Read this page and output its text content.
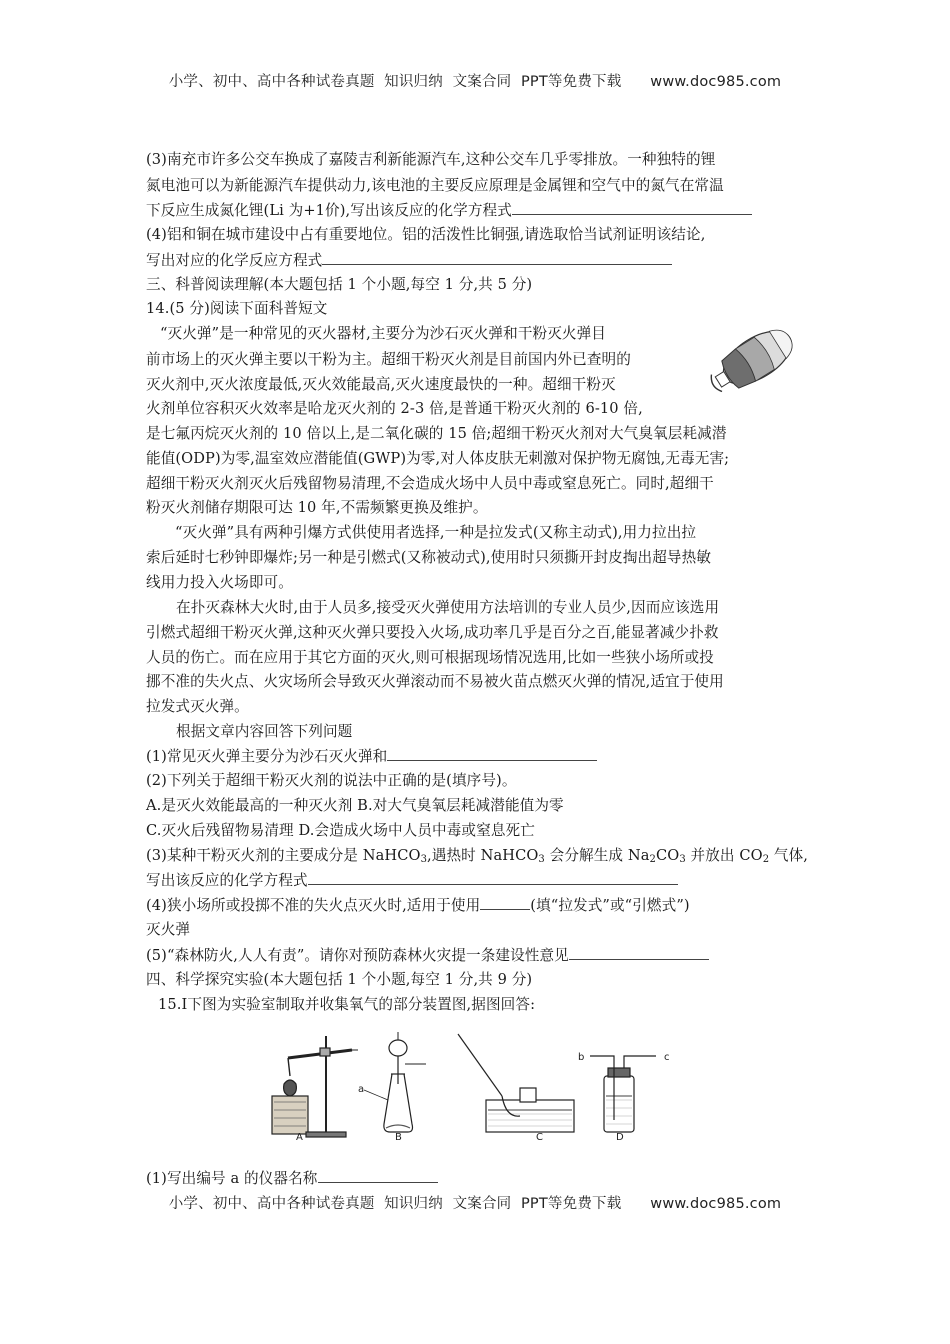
小学、初中、高中各种试卷真题  知识归纳  文案合同  PPT等免费下载      www.doc985.com
(3)南充市许多公交车换成了嘉陵吉利新能源汽车,这种公交车几乎零排放。一种独特的锂
氮电池可以为新能源汽车提供动力,该电池的主要反应原理是金属锂和空气中的氮气在常温
下反应生成氮化锂(Li 为+1价),写出该反应的化学方程式
(4)铝和铜在城市建设中占有重要地位。铝的活泼性比铜强,请选取恰当试剂证明该结论,
写出对应的化学反应方程式
三、科普阅读理解(本大题包括 1 个小题,每空 1 分,共 5 分)
14.(5 分)阅读下面科普短文
“灭火弹”是一种常见的灭火器材,主要分为沙石灭火弹和干粉灭火弹目
前市场上的灭火弹主要以干粉为主。超细干粉灭火剂是目前国内外已查明的
灭火剂中,灭火浓度最低,灭火效能最高,灭火速度最快的一种。超细干粉灭
火剂单位容积灭火效率是哈龙灭火剂的 2-3 倍,是普通干粉灭火剂的 6-10 倍,
是七氟丙烷灭火剂的 10 倍以上,是二氧化碳的 15 倍;超细干粉灭火剂对大气臭氧层耗减潜
能值(ODP)为零,温室效应潜能值(GWP)为零,对人体皮肤无刺激对保护物无腐蚀,无毒无害;
超细干粉灭火剂灭火后残留物易清理,不会造成火场中人员中毒或窒息死亡。同时,超细干
粉灭火剂储存期限可达 10 年,不需频繁更换及维护。
“灭火弹”具有两种引爆方式供使用者选择,一种是拉发式(又称主动式),用力拉出拉
索后延时七秒钟即爆炸;另一种是引燃式(又称被动式),使用时只须撕开封皮掏出超导热敏
线用力投入火场即可。
在扑灭森林大火时,由于人员多,接受灭火弹使用方法培训的专业人员少,因而应该选用
引燃式超细干粉灭火弹,这种灭火弹只要投入火场,成功率几乎是百分之百,能显著减少扑救
人员的伤亡。而在应用于其它方面的灭火,则可根据现场情况选用,比如一些狭小场所或投
挪不准的失火点、火灾场所会导致灭火弹滚动而不易被火苗点燃灭火弹的情况,适宜于使用
拉发式灭火弹。
根据文章内容回答下列问题
(1)常见灭火弹主要分为沙石灭火弹和
(2)下列关于超细干粉灭火剂的说法中正确的是(填序号)。
A.是灭火效能最高的一种灭火剂 B.对大气臭氧层耗减潜能值为零
C.灭火后残留物易清理 D.会造成火场中人员中毒或窒息死亡
(3)某种干粉灭火剂的主要成分是 NaHCO$_3$,遇热时 NaHCO$_3$ 会分解生成 $Na_2CO_3$ 并放出 $CO_2$ 气体,
写出该反应的化学方程式
(4)狭小场所或投掷不准的失火点灭火时,适用于使用	(填“拉发式”或“引燃式”)
灭火弹
(5)“森林防火,人人有责”。请你对预防森林火灾提一条建设性意见
四、科学探究实验(本大题包括 1 个小题,每空 1 分,共 9 分)
15.Ⅰ下图为实验室制取并收集氧气的部分装置图,据图回答:
(1)写出编号 a 的仪器名称
A
a
B	C
b	c
D
小学、初中、高中各种试卷真题  知识归纳  文案合同  PPT等免费下载      www.doc985.com
